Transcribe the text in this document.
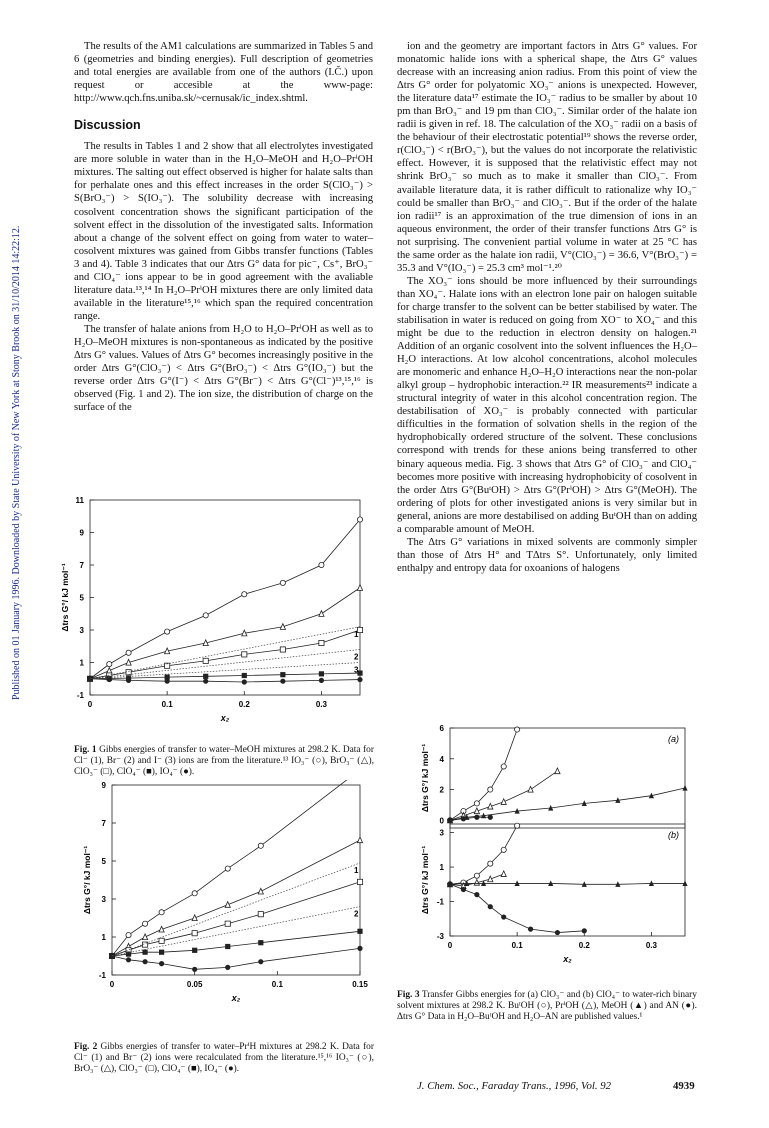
Published on 01 January 1996. Downloaded by State University of New York at Stony Brook on 31/10/2014 14:22:12.

The results of the AM1 calculations are summarized in Tables 5 and 6 (geometries and binding energies). Full description of geometries and total energies are available from one of the authors (I.Č.) upon request or accesible at the www-page: http://www.qch.fns.uniba.sk/~cernusak/ic_index.shtml.

Discussion

The results in Tables 1 and 2 show that all electrolytes investigated are more soluble in water than in the H₂O–MeOH and H₂O–PrⁱOH mixtures. The salting out effect observed is higher for halate salts than for perhalate ones and this effect increases in the order S(ClO₃⁻) > S(BrO₃⁻) > S(IO₃⁻). The solubility decrease with increasing cosolvent concentration shows the significant participation of the solvent effect in the dissolution of the investigated salts. Information about a change of the solvent effect on going from water to water–cosolvent mixtures was gained from Gibbs transfer functions (Tables 3 and 4). Table 3 indicates that our Δtrs G° data for pic⁻, Cs⁺, BrO₃⁻ and ClO₄⁻ ions appear to be in good agreement with the avaliable literature data.¹³,¹⁴ In H₂O–PrⁱOH mixtures there are only limited data available in the literature¹⁵,¹⁶ which span the required concentration range.

The transfer of halate anions from H₂O to H₂O–PrⁱOH as well as to H₂O–MeOH mixtures is non-spontaneous as indicated by the positive Δtrs G° values. Values of Δtrs G° becomes increasingly positive in the order Δtrs G°(ClO₃⁻) < Δtrs G°(BrO₃⁻) < Δtrs G°(IO₃⁻) but the reverse order Δtrs G°(I⁻) < Δtrs G°(Br⁻) < Δtrs G°(Cl⁻)¹³,¹⁵,¹⁶ is observed (Fig. 1 and 2). The ion size, the distribution of charge on the surface of the

ion and the geometry are important factors in Δtrs G° values. For monatomic halide ions with a spherical shape, the Δtrs G° values decrease with an increasing anion radius. From this point of view the Δtrs G° order for polyatomic XO₃⁻ anions is unexpected. However, the literature data¹⁷ estimate the IO₃⁻ radius to be smaller by about 10 pm than BrO₃⁻ and 19 pm than ClO₃⁻. Similar order of the halate ion radii is given in ref. 18. The calculation of the XO₃⁻ radii on a basis of the behaviour of their electrostatic potential¹⁹ shows the reverse order, r(ClO₃⁻) < r(BrO₃⁻), but the values do not incorporate the relativistic effect. However, it is supposed that the relativistic effect may not shrink BrO₃⁻ so much as to make it smaller than ClO₃⁻. From available literature data, it is rather difficult to rationalize why IO₃⁻ could be smaller than BrO₃⁻ and ClO₃⁻. But if the order of the halate ion radii¹⁷ is an approximation of the true dimension of ions in an aqueous environment, the order of their transfer functions Δtrs G° is not surprising. The convenient partial volume in water at 25 °C has the same order as the halate ion radii, V°(ClO₃⁻) = 36.6, V°(BrO₃⁻) = 35.3 and V°(IO₃⁻) = 25.3 cm³ mol⁻¹.²⁰

The XO₃⁻ ions should be more influenced by their surroundings than XO₄⁻. Halate ions with an electron lone pair on halogen suitable for charge transfer to the solvent can be better stabilised by water. The stabilisation in water is reduced on going from XO⁻ to XO₄⁻ and this might be due to the reduction in electron density on halogen.²¹ Addition of an organic cosolvent into the solvent influences the H₂O–H₂O interactions. At low alcohol concentrations, alcohol molecules are monomeric and enhance H₂O–H₂O interactions near the non-polar alkyl group – hydrophobic interaction.²² IR measurements²³ indicate a structural integrity of water in this alcohol concentration region. The destabilisation of XO₃⁻ is probably connected with particular difficulties in the formation of solvation shells in the region of the hydrophobically ordered structure of the solvent. These conclusions correspond with trends for these anions being transferred to other binary aqueous media. Fig. 3 shows that Δtrs G° of ClO₃⁻ and ClO₄⁻ becomes more positive with increasing hydrophobicity of cosolvent in the order Δtrs G°(BuᵗOH) > Δtrs G°(PrⁱOH) > Δtrs G°(MeOH). The ordering of plots for other investigated anions is very similar but in general, anions are more destabilised on adding BuᵗOH than on adding a comparable amount of MeOH.

The Δtrs G° variations in mixed solvents are commonly simpler than those of Δtrs H° and TΔtrs S°. Unfortunately, only limited enthalpy and entropy data for oxoanions of halogens

0	0.1	0.2	0.3
-1
1
3
5
7
9
11
Δtrs G°/ kJ mol⁻¹
x₂
1
2
3
Fig. 1 Gibbs energies of transfer to water–MeOH mixtures at 298.2 K. Data for Cl⁻ (1), Br⁻ (2) and I⁻ (3) ions are from the literature.¹³ IO₃⁻ (○), BrO₃⁻ (△), ClO₃⁻ (□), ClO₄⁻ (■), IO₄⁻ (●).
0	0.05	0.1	0.15
-1
1
3
5
7
9
Δtrs G°/ kJ mol⁻¹
x₂
1
2
Fig. 2 Gibbs energies of transfer to water–PrⁱH mixtures at 298.2 K. Data for Cl⁻ (1) and Br⁻ (2) ions were recalculated from the literature.¹⁵,¹⁶ IO₃⁻ (○), BrO₃⁻ (△), ClO₃⁻ (□), ClO₄⁻ (■), IO₄⁻ (●).
0
2
4
6
Δtrs G°/ kJ mol⁻¹
(a)
0	0.1	0.2	0.3
-3
-1
1
3
Δtrs G°/ kJ mol⁻¹
x₂
(b)
Fig. 3 Transfer Gibbs energies for (a) ClO₃⁻ and (b) ClO₄⁻ to water-rich binary solvent mixtures at 298.2 K. BuᵗOH (○), PrⁱOH (△), MeOH (▲) and AN (●). Δtrs G° Data in H₂O–BuᵗOH and H₂O–AN are published values.¹
J. Chem. Soc., Faraday Trans., 1996, Vol. 92	4939
